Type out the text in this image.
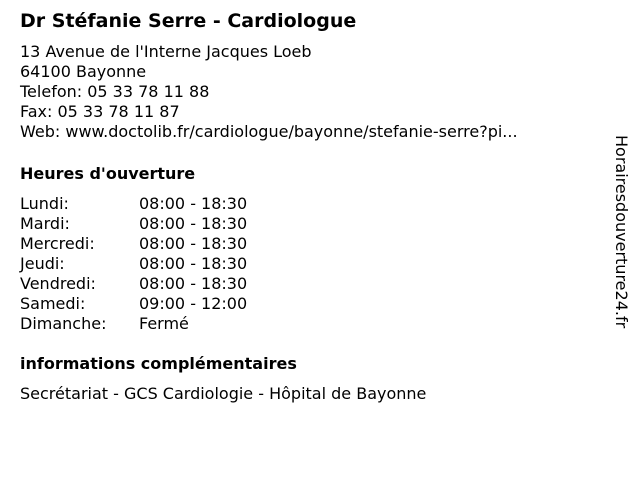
Dr Stéfanie Serre - Cardiologue
13 Avenue de l'Interne Jacques Loeb
64100 Bayonne
Telefon: 05 33 78 11 88
Fax: 05 33 78 11 87
Web: www.doctolib.fr/cardiologue/bayonne/stefanie-serre?pi...
Heures d'ouverture
Lundi:	08:00 - 18:30
Mardi:	08:00 - 18:30
Mercredi:	08:00 - 18:30
Jeudi:	08:00 - 18:30
Vendredi:	08:00 - 18:30
Samedi:	09:00 - 12:00
Dimanche:	Fermé
informations complémentaires
Secrétariat - GCS Cardiologie - Hôpital de Bayonne
Horairesdouverture24.fr
